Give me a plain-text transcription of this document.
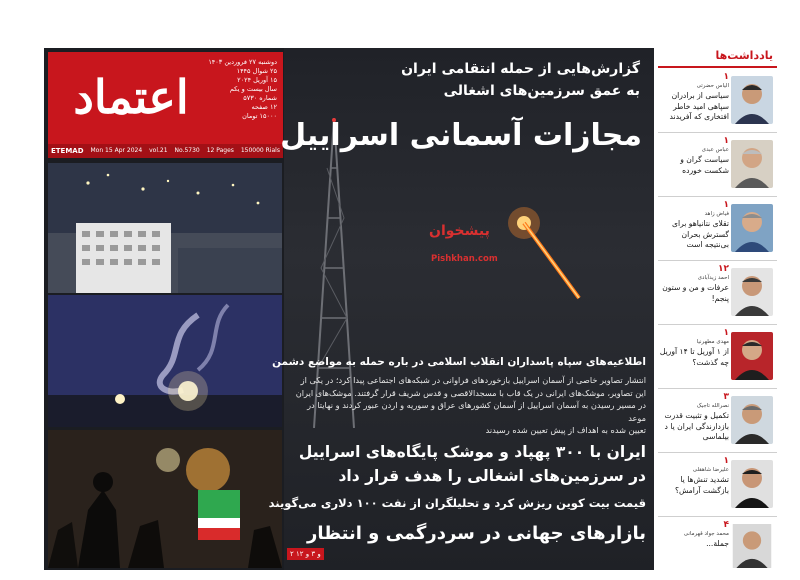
اعتماد
دوشنبه ۲۷ فروردین ۱۴۰۳
۲۵ شوال ۱۴۴۵
۱۵ آوریل ۲۰۲۴
سال بیست و یکم
شماره ۵۷۳۰
۱۲ صفحه
۱۵۰۰۰ تومان
ETEMAD Mon 15 Apr 2024 vol.21 No.5730 12 Pages 150000 Rials
گزارش‌هایی از حمله انتقامی ایران
به عمق سرزمین‌های اشغالی
مجازات آسمانی اسراییل
پیشخوان
Pishkhan.com
اطلاعیه‌های سپاه پاسداران انقلاب اسلامی در باره حمله به مواضع دشمن
انتشار تصاویر خاصی از آسمان اسراییل بازخوردهای فراوانی در شبکه‌های اجتماعی پیدا کرد؛ در یکی از
این تصاویر، موشک‌های ایرانی در یک قاب با مسجدالاقصی و قدس شریف قرار گرفتند. موشک‌های ایران
در مسیر رسیدن به آسمان اسراییل از آسمان کشورهای عراق و سوریه و اردن عبور کردند و نهایتا در موعد
تعیین شده به اهداف از پیش تعیین شده رسیدند
ایران با ۳۰۰ پهپاد و موشک پایگاه‌های اسراییل
در سرزمین‌های اشغالی را هدف قرار داد
قیمت بیت کوین ریزش کرد و تحلیلگران از نفت ۱۰۰ دلاری می‌گویند
بازارهای جهانی در سردرگمی و انتظار
۲ و ۳ و ۱۲
یادداشت‌ها
۱
الیاس حضرتی
سیاسی از برادران سپاهی امید خاطر افتخاری که آفریدند
۱
عباس عبدی
سیاست گران و شکست خورده
۱
فیاض زاهد
تقلای نتانیاهو برای گسترش بحران بی‌نتیجه است
۱۲
احمد زیدآبادی
عرفات و من و ستون پنجم!
۱
مهدی مطهرنیا
از ۱ آوریل تا ۱۴ آوریل چه گذشت؟
۳
نصرالله تاجیک
تکمیل و تثبیت قدرت بازدارندگی ایران یا د بیلماسی
۱
علیرضا شاهقلی
تشدید تنش‌ها یا بازگشت آرامش؟
۴
محمد جواد قهرمانی
جملة...
